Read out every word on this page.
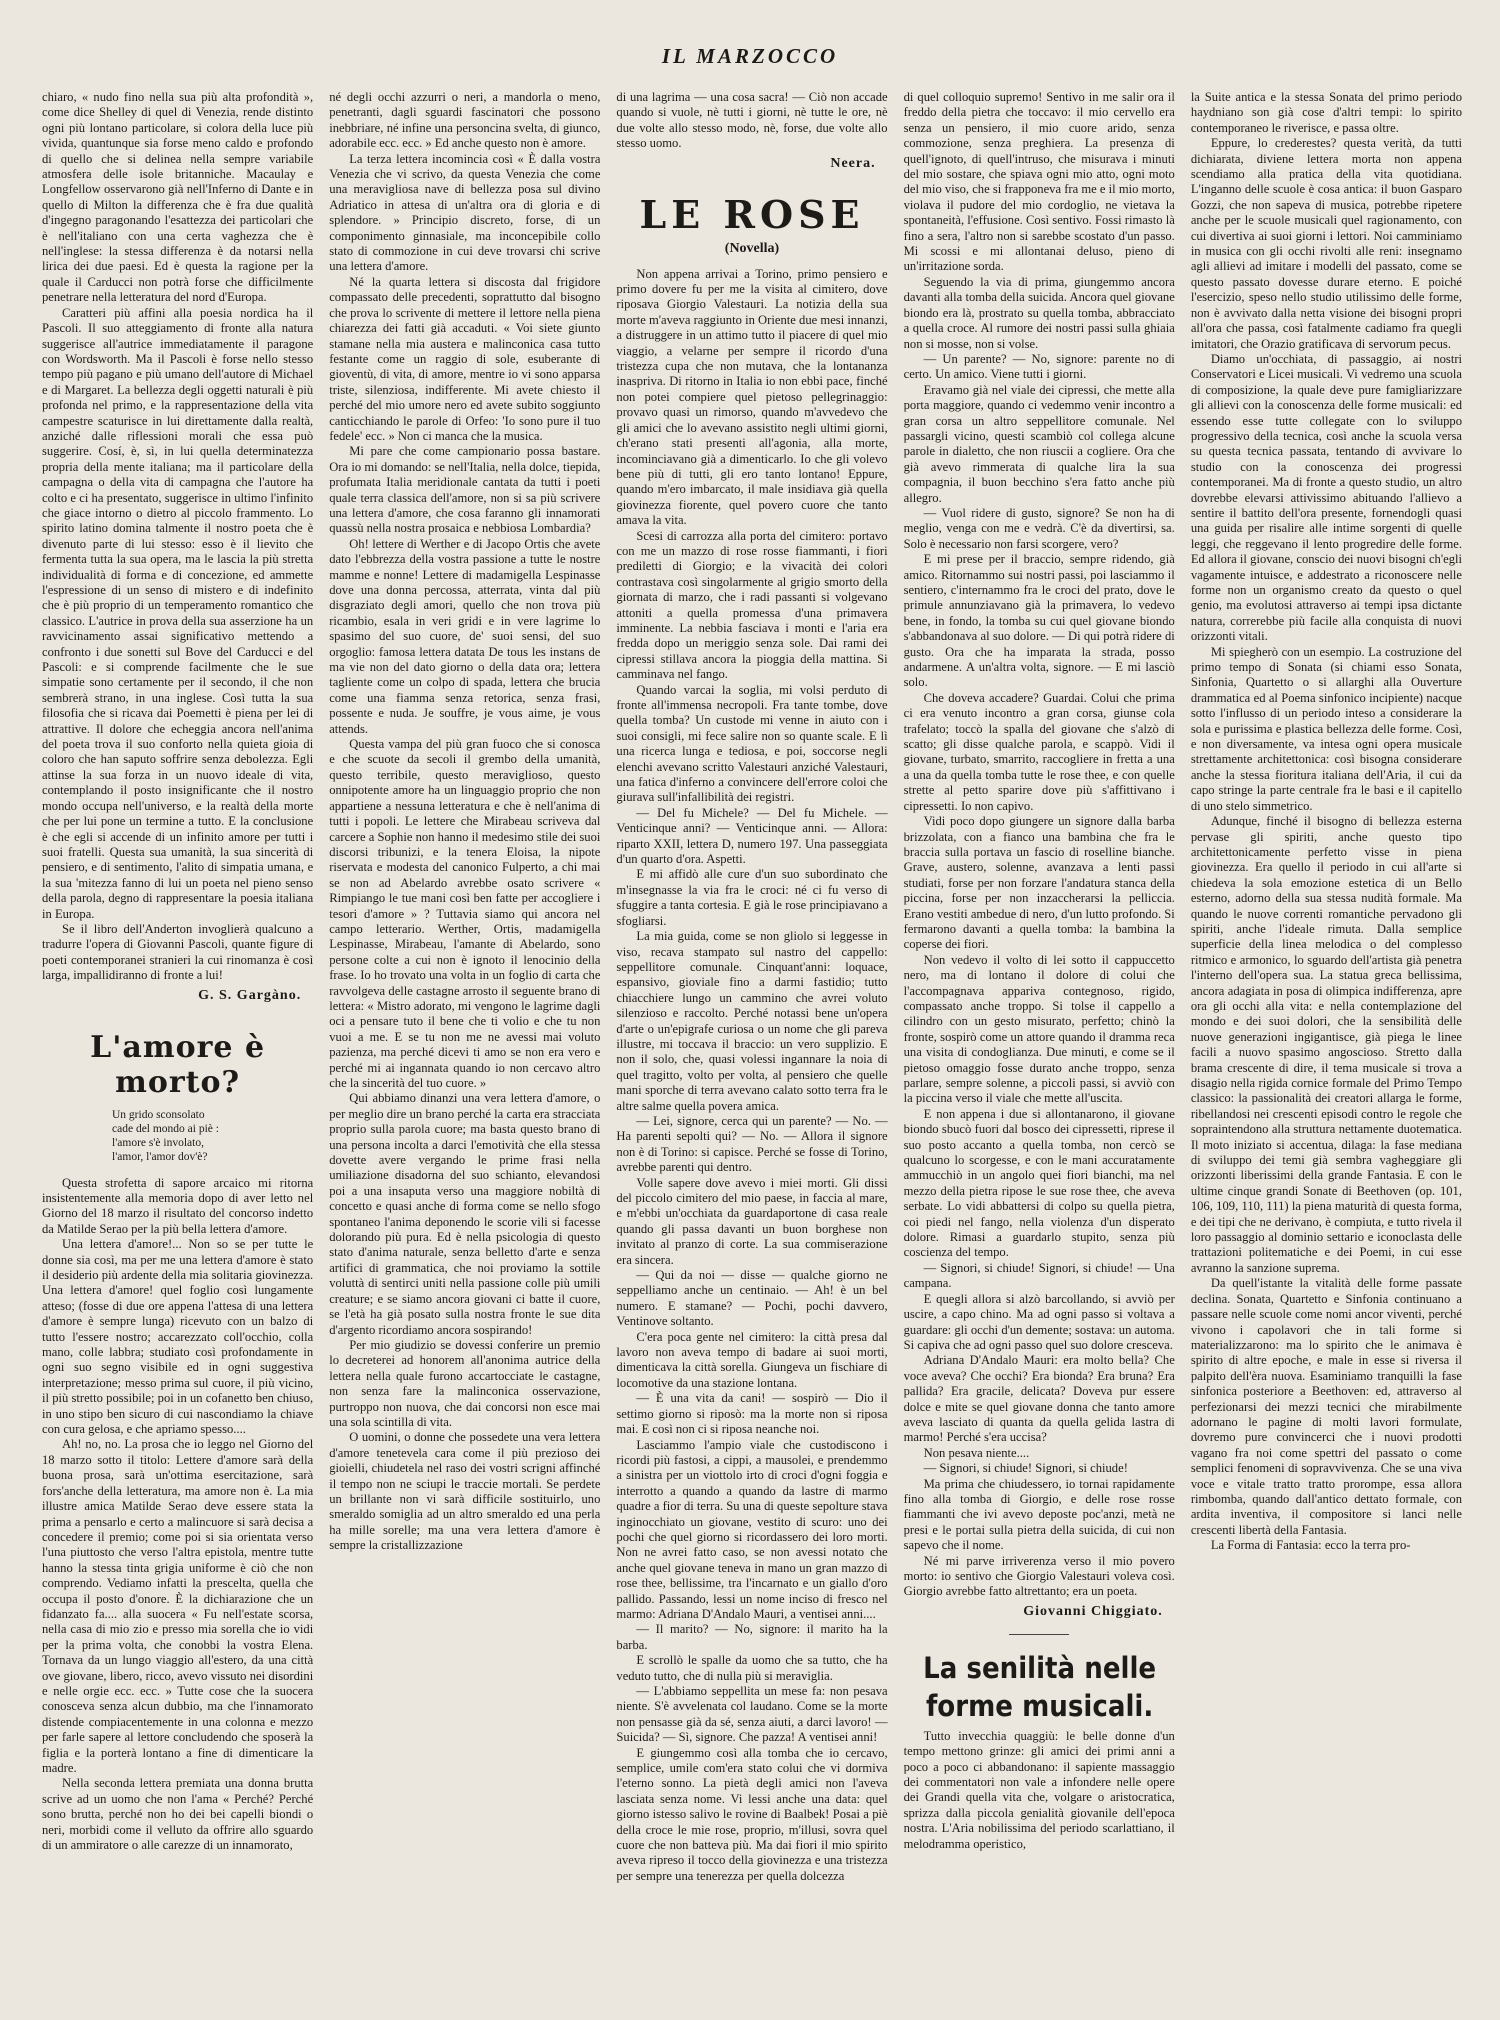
IL MARZOCCO

chiaro, « nudo fino nella sua più alta profondità », come dice Shelley di quel di Venezia, rende distinto ogni più lontano particolare, si colora della luce più vivida, quantunque sia forse meno caldo e profondo di quello che si delinea nella sempre variabile atmosfera delle isole britanniche. Macaulay e Longfellow osservarono già nell'Inferno di Dante e in quello di Milton la differenza che è fra due qualità d'ingegno paragonando l'esattezza dei particolari che è nell'italiano con una certa vaghezza che è nell'inglese: la stessa differenza è da notarsi nella lirica dei due paesi. Ed è questa la ragione per la quale il Carducci non potrà forse che difficilmente penetrare nella letteratura del nord d'Europa.

Caratteri più affini alla poesia nordica ha il Pascoli. Il suo atteggiamento di fronte alla natura suggerisce all'autrice immediatamente il paragone con Wordsworth. Ma il Pascoli è forse nello stesso tempo più pagano e più umano dell'autore di Michael e di Margaret. La bellezza degli oggetti naturali è più profonda nel primo, e la rappresentazione della vita campestre scaturisce in lui direttamente dalla realtà, anziché dalle riflessioni morali che essa può suggerire. Cosí, è, sì, in lui quella determinatezza propria della mente italiana; ma il particolare della campagna o della vita di campagna che l'autore ha colto e ci ha presentato, suggerisce in ultimo l'infinito che giace intorno o dietro al piccolo frammento. Lo spirito latino domina talmente il nostro poeta che è divenuto parte di lui stesso: esso è il lievito che fermenta tutta la sua opera, ma le lascia la più stretta individualità di forma e di concezione, ed ammette l'espressione di un senso di mistero e di indefinito che è più proprio di un temperamento romantico che classico. L'autrice in prova della sua asserzione ha un ravvicinamento assai significativo mettendo a confronto i due sonetti sul Bove del Carducci e del Pascoli: e si comprende facilmente che le sue simpatie sono certamente per il secondo, il che non sembrerà strano, in una inglese. Così tutta la sua filosofia che si ricava dai Poemetti è piena per lei di attrattive. Il dolore che echeggia ancora nell'anima del poeta trova il suo conforto nella quieta gioia di coloro che han saputo soffrire senza debolezza. Egli attinse la sua forza in un nuovo ideale di vita, contemplando il posto insignificante che il nostro mondo occupa nell'universo, e la realtà della morte che per lui pone un termine a tutto. E la conclusione è che egli si accende di un infinito amore per tutti i suoi fratelli. Questa sua umanità, la sua sincerità di pensiero, e di sentimento, l'alito di simpatia umana, e la sua 'mitezza fanno di lui un poeta nel pieno senso della parola, degno di rappresentare la poesia italiana in Europa.

Se il libro dell'Anderton invoglierà qualcuno a tradurre l'opera di Giovanni Pascoli, quante figure di poeti contemporanei stranieri la cui rinomanza è così larga, impallidiranno di fronte a lui!

G. S. Gargàno.
L'amore è morto?
Un grido sconsolato
cade del mondo ai piè :
l'amore s'è involato,
l'amor, l'amor dov'è?

Questa strofetta di sapore arcaico mi ritorna insistentemente alla memoria dopo di aver letto nel Giorno del 18 marzo il risultato del concorso indetto da Matilde Serao per la più bella lettera d'amore.

Una lettera d'amore!... Non so se per tutte le donne sia così, ma per me una lettera d'amore è stato il desiderio più ardente della mia solitaria giovinezza. Una lettera d'amore! quel foglio così lungamente atteso; (fosse di due ore appena l'attesa di una lettera d'amore è sempre lunga) ricevuto con un balzo di tutto l'essere nostro; accarezzato coll'occhio, colla mano, colle labbra; studiato così profondamente in ogni suo segno visibile ed in ogni suggestiva interpretazione; messo prima sul cuore, il più vicino, il più stretto possibile; poi in un cofanetto ben chiuso, in uno stipo ben sicuro di cui nascondiamo la chiave con cura gelosa, e che apriamo spesso....

Ah! no, no. La prosa che io leggo nel Giorno del 18 marzo sotto il titolo: Lettere d'amore sarà della buona prosa, sarà un'ottima esercitazione, sarà fors'anche della letteratura, ma amore non è. La mia illustre amica Matilde Serao deve essere stata la prima a pensarlo e certo a malincuore si sarà decisa a concedere il premio; come poi si sia orientata verso l'una piuttosto che verso l'altra epistola, mentre tutte hanno la stessa tinta grigia uniforme è ciò che non comprendo. Vediamo infatti la prescelta, quella che occupa il posto d'onore. È la dichiarazione che un fidanzato fa.... alla suocera « Fu nell'estate scorsa, nella casa di mio zio e presso mia sorella che io vidi per la prima volta, che conobbi la vostra Elena. Tornava da un lungo viaggio all'estero, da una città ove giovane, libero, ricco, avevo vissuto nei disordini e nelle orgie ecc. ecc. » Tutte cose che la suocera conosceva senza alcun dubbio, ma che l'innamorato distende compiacentemente in una colonna e mezzo per farle sapere al lettore concludendo che sposerà la figlia e la porterà lontano a fine di dimenticare la madre.

Nella seconda lettera premiata una donna brutta scrive ad un uomo che non l'ama « Perché? Perché sono brutta, perché non ho dei bei capelli biondi o neri, morbidi come il velluto da offrire allo sguardo di un ammiratore o alle carezze di un innamorato,

né degli occhi azzurri o neri, a mandorla o meno, penetranti, dagli sguardi fascinatori che possono inebbriare, né infine una personcina svelta, di giunco, adorabile ecc. ecc. » Ed anche questo non è amore.

La terza lettera incomincia così « È dalla vostra Venezia che vi scrivo, da questa Venezia che come una meravigliosa nave di bellezza posa sul divino Adriatico in attesa di un'altra ora di gloria e di splendore. » Principio discreto, forse, di un componimento ginnasiale, ma inconcepibile collo stato di commozione in cui deve trovarsi chi scrive una lettera d'amore.

Né la quarta lettera si discosta dal frigidore compassato delle precedenti, soprattutto dal bisogno che prova lo scrivente di mettere il lettore nella piena chiarezza dei fatti già accaduti. « Voi siete giunto stamane nella mia austera e malinconica casa tutto festante come un raggio di sole, esuberante di gioventù, di vita, di amore, mentre io vi sono apparsa triste, silenziosa, indifferente. Mi avete chiesto il perché del mio umore nero ed avete subito soggiunto canticchiando le parole di Orfeo: 'Io sono pure il tuo fedele' ecc. » Non ci manca che la musica.

Mi pare che come campionario possa bastare. Ora io mi domando: se nell'Italia, nella dolce, tiepida, profumata Italia meridionale cantata da tutti i poeti quale terra classica dell'amore, non si sa più scrivere una lettera d'amore, che cosa faranno gli innamorati quassù nella nostra prosaica e nebbiosa Lombardia?

Oh! lettere di Werther e di Jacopo Ortis che avete dato l'ebbrezza della vostra passione a tutte le nostre mamme e nonne! Lettere di madamigella Lespinasse dove una donna percossa, atterrata, vinta dal più disgraziato degli amori, quello che non trova più ricambio, esala in veri gridi e in vere lagrime lo spasimo del suo cuore, de' suoi sensi, del suo orgoglio: famosa lettera datata De tous les instans de ma vie non del dato giorno o della data ora; lettera tagliente come un colpo di spada, lettera che brucia come una fiamma senza retorica, senza frasi, possente e nuda. Je souffre, je vous aime, je vous attends.

Questa vampa del più gran fuoco che si conosca e che scuote da secoli il grembo della umanità, questo terribile, questo meraviglioso, questo onnipotente amore ha un linguaggio proprio che non appartiene a nessuna letteratura e che è nell'anima di tutti i popoli. Le lettere che Mirabeau scriveva dal carcere a Sophie non hanno il medesimo stile dei suoi discorsi tribunizi, e la tenera Eloisa, la nipote riservata e modesta del canonico Fulperto, a chi mai se non ad Abelardo avrebbe osato scrivere « Rimpiango le tue mani così ben fatte per accogliere i tesori d'amore » ? Tuttavia siamo qui ancora nel campo letterario. Werther, Ortis, madamigella Lespinasse, Mirabeau, l'amante di Abelardo, sono persone colte a cui non è ignoto il lenocinio della frase. Io ho trovato una volta in un foglio di carta che ravvolgeva delle castagne arrosto il seguente brano di lettera: « Mistro adorato, mi vengono le lagrime dagli oci a pensare tuto il bene che ti volio e che tu non vuoi a me. E se tu non me ne avessi mai voluto pazienza, ma perché dicevi ti amo se non era vero e perché mi ai ingannata quando io non cercavo altro che la sincerità del tuo cuore. »

Qui abbiamo dinanzi una vera lettera d'amore, o per meglio dire un brano perché la carta era stracciata proprio sulla parola cuore; ma basta questo brano di una persona incolta a darci l'emotività che ella stessa dovette avere vergando le prime frasi nella umiliazione disadorna del suo schianto, elevandosi poi a una insaputa verso una maggiore nobiltà di concetto e quasi anche di forma come se nello sfogo spontaneo l'anima deponendo le scorie vili si facesse dolorando più pura. Ed è nella psicologia di questo stato d'anima naturale, senza belletto d'arte e senza artifici di grammatica, che noi proviamo la sottile voluttà di sentirci uniti nella passione colle più umili creature; e se siamo ancora giovani ci batte il cuore, se l'età ha già posato sulla nostra fronte le sue dita d'argento ricordiamo ancora sospirando!

Per mio giudizio se dovessi conferire un premio lo decreterei ad honorem all'anonima autrice della lettera nella quale furono accartocciate le castagne, non senza fare la malinconica osservazione, purtroppo non nuova, che dai concorsi non esce mai una sola scintilla di vita.

O uomini, o donne che possedete una vera lettera d'amore tenetevela cara come il più prezioso dei gioielli, chiudetela nel raso dei vostri scrigni affinché il tempo non ne sciupi le traccie mortali. Se perdete un brillante non vi sarà difficile sostituirlo, uno smeraldo somiglia ad un altro smeraldo ed una perla ha mille sorelle; ma una vera lettera d'amore è sempre la cristallizzazione

di una lagrima — una cosa sacra! — Ciò non accade quando si vuole, nè tutti i giorni, nè tutte le ore, nè due volte allo stesso modo, nè, forse, due volte allo stesso uomo.

Neera.
LE ROSE
(Novella)

Non appena arrivai a Torino, primo pensiero e primo dovere fu per me la visita al cimitero, dove riposava Giorgio Valestauri. La notizia della sua morte m'aveva raggiunto in Oriente due mesi innanzi, a distruggere in un attimo tutto il piacere di quel mio viaggio, a velarne per sempre il ricordo d'una tristezza cupa che non mutava, che la lontananza inaspriva. Di ritorno in Italia io non ebbi pace, finché non potei compiere quel pietoso pellegrinaggio: provavo quasi un rimorso, quando m'avvedevo che gli amici che lo avevano assistito negli ultimi giorni, ch'erano stati presenti all'agonia, alla morte, incominciavano già a dimenticarlo. Io che gli volevo bene più di tutti, gli ero tanto lontano! Eppure, quando m'ero imbarcato, il male insidiava già quella giovinezza fiorente, quel povero cuore che tanto amava la vita.

Scesi di carrozza alla porta del cimitero: portavo con me un mazzo di rose rosse fiammanti, i fiori prediletti di Giorgio; e la vivacità dei colori contrastava così singolarmente al grigio smorto della giornata di marzo, che i radi passanti si volgevano attoniti a quella promessa d'una primavera imminente. La nebbia fasciava i monti e l'aria era fredda dopo un meriggio senza sole. Dai rami dei cipressi stillava ancora la pioggia della mattina. Si camminava nel fango.

Quando varcai la soglia, mi volsi perduto di fronte all'immensa necropoli. Fra tante tombe, dove quella tomba? Un custode mi venne in aiuto con i suoi consigli, mi fece salire non so quante scale. E lì una ricerca lunga e tediosa, e poi, soccorse negli elenchi avevano scritto Valestauri anziché Valestauri, una fatica d'inferno a convincere dell'errore coloi che giurava sull'infallibilità dei registri.

— Del fu Michele? — Del fu Michele. — Venticinque anni? — Venticinque anni. — Allora: riparto XXII, lettera D, numero 197. Una passeggiata d'un quarto d'ora. Aspetti.

E mi affidò alle cure d'un suo subordinato che m'insegnasse la via fra le croci: né ci fu verso di sfuggire a tanta cortesia. E già le rose principiavano a sfogliarsi.

La mia guida, come se non gliolo si leggesse in viso, recava stampato sul nastro del cappello: seppellitore comunale. Cinquant'anni: loquace, espansivo, gioviale fino a darmi fastidio; tutto chiacchiere lungo un cammino che avrei voluto silenzioso e raccolto. Perché notassi bene un'opera d'arte o un'epigrafe curiosa o un nome che gli pareva illustre, mi toccava il braccio: un vero supplizio. E non il solo, che, quasi volessi ingannare la noia di quel tragitto, volto per volta, al pensiero che quelle mani sporche di terra avevano calato sotto terra fra le altre salme quella povera amica.

— Lei, signore, cerca qui un parente? — No. — Ha parenti sepolti qui? — No. — Allora il signore non è di Torino: si capisce. Perché se fosse di Torino, avrebbe parenti qui dentro.

Volle sapere dove avevo i miei morti. Gli dissi del piccolo cimitero del mio paese, in faccia al mare, e m'ebbi un'occhiata da guardaportone di casa reale quando gli passa davanti un buon borghese non invitato al pranzo di corte. La sua commiserazione era sincera.

— Qui da noi — disse — qualche giorno ne seppelliamo anche un centinaio. — Ah! è un bel numero. E stamane? — Pochi, pochi davvero, Ventinove soltanto.

C'era poca gente nel cimitero: la città presa dal lavoro non aveva tempo di badare ai suoi morti, dimenticava la città sorella. Giungeva un fischiare di locomotive da una stazione lontana.

— È una vita da cani! — sospirò — Dio il settimo giorno si riposò: ma la morte non si riposa mai. E così non ci si riposa neanche noi.

Lasciammo l'ampio viale che custodiscono i ricordi più fastosi, a cippi, a mausolei, e prendemmo a sinistra per un viottolo irto di croci d'ogni foggia e interrotto a quando a quando da lastre di marmo quadre a fior di terra. Su una di queste sepolture stava inginocchiato un giovane, vestito di scuro: uno dei pochi che quel giorno si ricordassero dei loro morti. Non ne avrei fatto caso, se non avessi notato che anche quel giovane teneva in mano un gran mazzo di rose thee, bellissime, tra l'incarnato e un giallo d'oro pallido. Passando, lessi un nome inciso di fresco nel marmo: Adriana D'Andalo Mauri, a ventisei anni....

— Il marito? — No, signore: il marito ha la barba.

E scrollò le spalle da uomo che sa tutto, che ha veduto tutto, che di nulla più si meraviglia.

— L'abbiamo seppellita un mese fa: non pesava niente. S'è avvelenata col laudano. Come se la morte non pensasse già da sé, senza aiuti, a darci lavoro! — Suicida? — Sì, signore. Che pazza! A ventisei anni!

E giungemmo così alla tomba che io cercavo, semplice, umile com'era stato colui che vi dormiva l'eterno sonno. La pietà degli amici non l'aveva lasciata senza nome. Vi lessi anche una data: quel giorno istesso salivo le rovine di Baalbek! Posai a piè della croce le mie rose, proprio, m'illusi, sovra quel cuore che non batteva più. Ma dai fiori il mio spirito aveva ripreso il tocco della giovinezza e una tristezza per sempre una tenerezza per quella dolcezza

di quel colloquio supremo! Sentivo in me salir ora il freddo della pietra che toccavo: il mio cervello era senza un pensiero, il mio cuore arido, senza commozione, senza preghiera. La presenza di quell'ignoto, di quell'intruso, che misurava i minuti del mio sostare, che spiava ogni mio atto, ogni moto del mio viso, che si frapponeva fra me e il mio morto, violava il pudore del mio cordoglio, ne vietava la spontaneità, l'effusione. Così sentivo. Fossi rimasto là fino a sera, l'altro non si sarebbe scostato d'un passo. Mi scossi e mi allontanai deluso, pieno di un'irritazione sorda.

Seguendo la via di prima, giungemmo ancora davanti alla tomba della suicida. Ancora quel giovane biondo era là, prostrato su quella tomba, abbracciato a quella croce. Al rumore dei nostri passi sulla ghiaia non si mosse, non si volse.

— Un parente? — No, signore: parente no di certo. Un amico. Viene tutti i giorni.

Eravamo già nel viale dei cipressi, che mette alla porta maggiore, quando ci vedemmo venir incontro a gran corsa un altro seppellitore comunale. Nel passargli vicino, questi scambiò col collega alcune parole in dialetto, che non riuscii a cogliere. Ora che già avevo rimmerata di qualche lira la sua compagnia, il buon becchino s'era fatto anche più allegro.

— Vuol ridere di gusto, signore? Se non ha di meglio, venga con me e vedrà. C'è da divertirsi, sa. Solo è necessario non farsi scorgere, vero?

E mi prese per il braccio, sempre ridendo, già amico. Ritornammo sui nostri passi, poi lasciammo il sentiero, c'internammo fra le croci del prato, dove le primule annunziavano già la primavera, lo vedevo bene, in fondo, la tomba su cui quel giovane biondo s'abbandonava al suo dolore. — Di qui potrà ridere di gusto. Ora che ha imparata la strada, posso andarmene. A un'altra volta, signore. — E mi lasciò solo.

Che doveva accadere? Guardai. Colui che prima ci era venuto incontro a gran corsa, giunse cola trafelato; toccò la spalla del giovane che s'alzò di scatto; gli disse qualche parola, e scappò. Vidi il giovane, turbato, smarrito, raccogliere in fretta a una a una da quella tomba tutte le rose thee, e con quelle strette al petto sparire dove più s'affittivano i cipressetti. Io non capivo.

Vidi poco dopo giungere un signore dalla barba brizzolata, con a fianco una bambina che fra le braccia sulla portava un fascio di roselline bianche. Grave, austero, solenne, avanzava a lenti passi studiati, forse per non forzare l'andatura stanca della piccina, forse per non inzaccherarsi la pelliccia. Erano vestiti ambedue di nero, d'un lutto profondo. Si fermarono davanti a quella tomba: la bambina la coperse dei fiori.

Non vedevo il volto di lei sotto il cappuccetto nero, ma di lontano il dolore di colui che l'accompagnava appariva contegnoso, rigido, compassato anche troppo. Si tolse il cappello a cilindro con un gesto misurato, perfetto; chinò la fronte, sospirò come un attore quando il dramma reca una visita di condoglianza. Due minuti, e come se il pietoso omaggio fosse durato anche troppo, senza parlare, sempre solenne, a piccoli passi, si avviò con la piccina verso il viale che mette all'uscita.

E non appena i due si allontanarono, il giovane biondo sbucò fuori dal bosco dei cipressetti, riprese il suo posto accanto a quella tomba, non cercò se qualcuno lo scorgesse, e con le mani accuratamente ammucchiò in un angolo quei fiori bianchi, ma nel mezzo della pietra ripose le sue rose thee, che aveva serbate. Lo vidi abbattersi di colpo su quella pietra, coi piedi nel fango, nella violenza d'un disperato dolore. Rimasi a guardarlo stupito, senza più coscienza del tempo.

— Signori, si chiude! Signori, si chiude! — Una campana.

E quegli allora si alzò barcollando, si avviò per uscire, a capo chino. Ma ad ogni passo si voltava a guardare: gli occhi d'un demente; sostava: un automa. Si capiva che ad ogni passo quel suo dolore cresceva.

Adriana D'Andalo Mauri: era molto bella? Che voce aveva? Che occhi? Era bionda? Era bruna? Era pallida? Era gracile, delicata? Doveva pur essere dolce e mite se quel giovane donna che tanto amore aveva lasciato di quanta da quella gelida lastra di marmo! Perché s'era uccisa?

Non pesava niente....

— Signori, si chiude! Signori, si chiude!

Ma prima che chiudessero, io tornai rapidamente fino alla tomba di Giorgio, e delle rose rosse fiammanti che ivi avevo deposte poc'anzi, metà ne presi e le portai sulla pietra della suicida, di cui non sapevo che il nome.

Né mi parve irriverenza verso il mio povero morto: io sentivo che Giorgio Valestauri voleva così. Giorgio avrebbe fatto altrettanto; era un poeta.

Giovanni Chiggiato.
La senilità nelle forme musicali.

Tutto invecchia quaggiù: le belle donne d'un tempo mettono grinze: gli amici dei primi anni a poco a poco ci abbandonano: il sapiente massaggio dei commentatori non vale a infondere nelle opere dei Grandi quella vita che, volgare o aristocratica, sprizza dalla piccola genialità giovanile dell'epoca nostra. L'Aria nobilissima del periodo scarlattiano, il melodramma operistico,

la Suite antica e la stessa Sonata del primo periodo haydniano son già cose d'altri tempi: lo spirito contemporaneo le riverisce, e passa oltre.

Eppure, lo crederestes? questa verità, da tutti dichiarata, diviene lettera morta non appena scendiamo alla pratica della vita quotidiana. L'inganno delle scuole è cosa antica: il buon Gasparo Gozzi, che non sapeva di musica, potrebbe ripetere anche per le scuole musicali quel ragionamento, con cui divertiva ai suoi giorni i lettori. Noi camminiamo in musica con gli occhi rivolti alle reni: insegnamo agli allievi ad imitare i modelli del passato, come se questo passato dovesse durare eterno. E poiché l'esercizio, speso nello studio utilissimo delle forme, non è avvivato dalla netta visione dei bisogni propri all'ora che passa, così fatalmente cadiamo fra quegli imitatori, che Orazio gratificava di servorum pecus.

Diamo un'occhiata, di passaggio, ai nostri Conservatori e Licei musicali. Vi vedremo una scuola di composizione, la quale deve pure famigliarizzare gli allievi con la conoscenza delle forme musicali: ed essendo esse tutte collegate con lo sviluppo progressivo della tecnica, così anche la scuola versa su questa tecnica passata, tentando di avvivare lo studio con la conoscenza dei progressi contemporanei. Ma di fronte a questo studio, un altro dovrebbe elevarsi attivissimo abituando l'allievo a sentire il battito dell'ora presente, fornendogli quasi una guida per risalire alle intime sorgenti di quelle leggi, che reggevano il lento progredire delle forme. Ed allora il giovane, conscio dei nuovi bisogni ch'egli vagamente intuisce, e addestrato a riconoscere nelle forme non un organismo creato da questo o quel genio, ma evolutosi attraverso ai tempi ipsa dictante natura, correrebbe più facile alla conquista di nuovi orizzonti vitali.

Mi spiegherò con un esempio. La costruzione del primo tempo di Sonata (si chiami esso Sonata, Sinfonia, Quartetto o si allarghi alla Ouverture drammatica ed al Poema sinfonico incipiente) nacque sotto l'influsso di un periodo inteso a considerare la sola e purissima e plastica bellezza delle forme. Così, e non diversamente, va intesa ogni opera musicale strettamente architettonica: così bisogna considerare anche la stessa fioritura italiana dell'Aria, il cui da capo stringe la parte centrale fra le basi e il capitello di uno stelo simmetrico.

Adunque, finché il bisogno di bellezza esterna pervase gli spiriti, anche questo tipo architettonicamente perfetto visse in piena giovinezza. Era quello il periodo in cui all'arte si chiedeva la sola emozione estetica di un Bello esterno, adorno della sua stessa nudità formale. Ma quando le nuove correnti romantiche pervadono gli spiriti, anche l'ideale rimuta. Dalla semplice superficie della linea melodica o del complesso ritmico e armonico, lo sguardo dell'artista già penetra l'interno dell'opera sua. La statua greca bellissima, ancora adagiata in posa di olimpica indifferenza, apre ora gli occhi alla vita: e nella contemplazione del mondo e dei suoi dolori, che la sensibilità delle nuove generazioni ingigantisce, già piega le linee facili a nuovo spasimo angoscioso. Stretto dalla brama crescente di dire, il tema musicale si trova a disagio nella rigida cornice formale del Primo Tempo classico: la passionalità dei creatori allarga le forme, ribellandosi nei crescenti episodi contro le regole che sopraintendono alla struttura nettamente duotematica. Il moto iniziato si accentua, dilaga: la fase mediana di sviluppo dei temi già sembra vagheggiare gli orizzonti liberissimi della grande Fantasia. E con le ultime cinque grandi Sonate di Beethoven (op. 101, 106, 109, 110, 111) la piena maturità di questa forma, e dei tipi che ne derivano, è compiuta, e tutto rivela il loro passaggio al dominio settario e iconoclasta delle trattazioni politematiche e dei Poemi, in cui esse avranno la sanzione suprema.

Da quell'istante la vitalità delle forme passate declina. Sonata, Quartetto e Sinfonia continuano a passare nelle scuole come nomi ancor viventi, perché vivono i capolavori che in tali forme si materializzarono: ma lo spirito che le animava è spirito di altre epoche, e male in esse si riversa il palpito dell'èra nuova. Esaminiamo tranquilli la fase sinfonica posteriore a Beethoven: ed, attraverso al perfezionarsi dei mezzi tecnici che mirabilmente adornano le pagine di molti lavori formulate, dovremo pure convincerci che i nuovi prodotti vagano fra noi come spettri del passato o come semplici fenomeni di sopravvivenza. Che se una viva voce e vitale tratto tratto prorompe, essa allora rimbomba, quando dall'antico dettato formale, con ardita inventiva, il compositore si lanci nelle crescenti libertà della Fantasia.

La Forma di Fantasia: ecco la terra pro-
